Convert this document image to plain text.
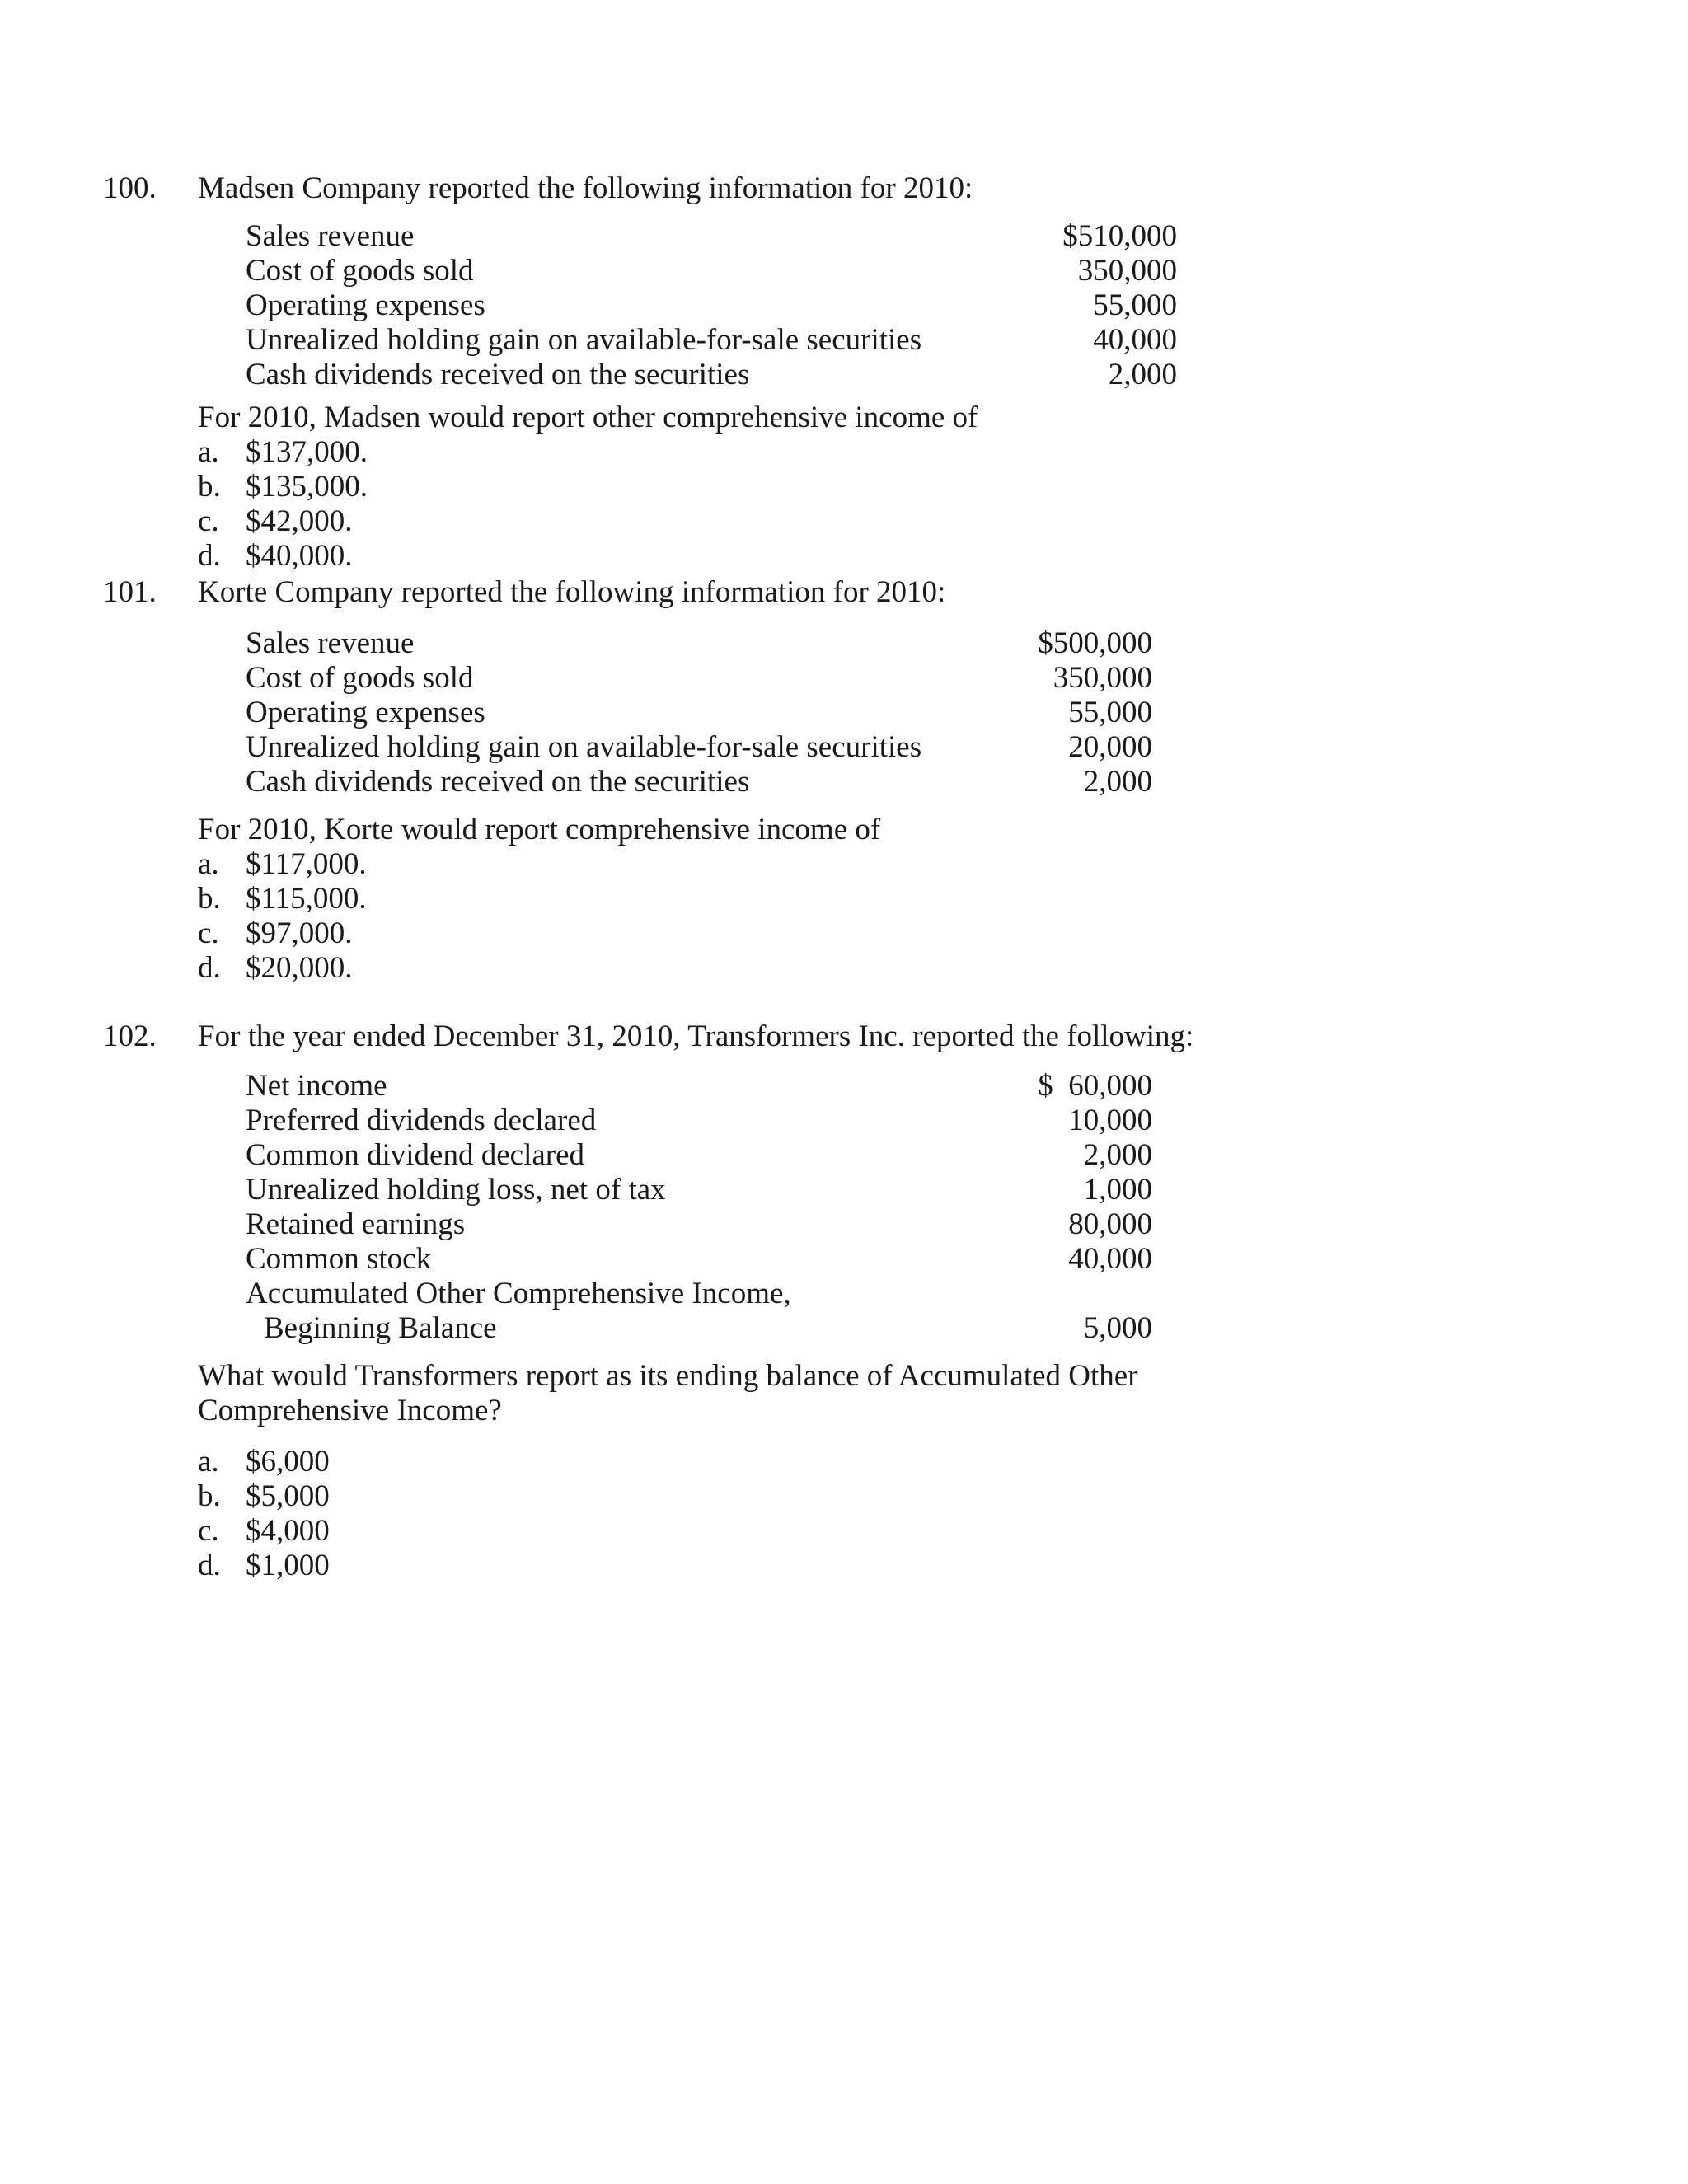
100. Madsen Company reported the following information for 2010:
Sales revenue	$510,000
Cost of goods sold	350,000
Operating expenses	55,000
Unrealized holding gain on available-for-sale securities	40,000
Cash dividends received on the securities	2,000
For 2010, Madsen would report other comprehensive income of
a. $137,000.
b. $135,000.
c. $42,000.
d. $40,000.
101. Korte Company reported the following information for 2010:
Sales revenue	$500,000
Cost of goods sold	350,000
Operating expenses	55,000
Unrealized holding gain on available-for-sale securities	20,000
Cash dividends received on the securities	2,000
For 2010, Korte would report comprehensive income of
a. $117,000.
b. $115,000.
c. $97,000.
d. $20,000.
102. For the year ended December 31, 2010, Transformers Inc. reported the following:
Net income	$  60,000
Preferred dividends declared	10,000
Common dividend declared	2,000
Unrealized holding loss, net of tax	1,000
Retained earnings	80,000
Common stock	40,000
Accumulated Other Comprehensive Income,
Beginning Balance	5,000
What would Transformers report as its ending balance of Accumulated Other
Comprehensive Income?
a. $6,000
b. $5,000
c. $4,000
d. $1,000
